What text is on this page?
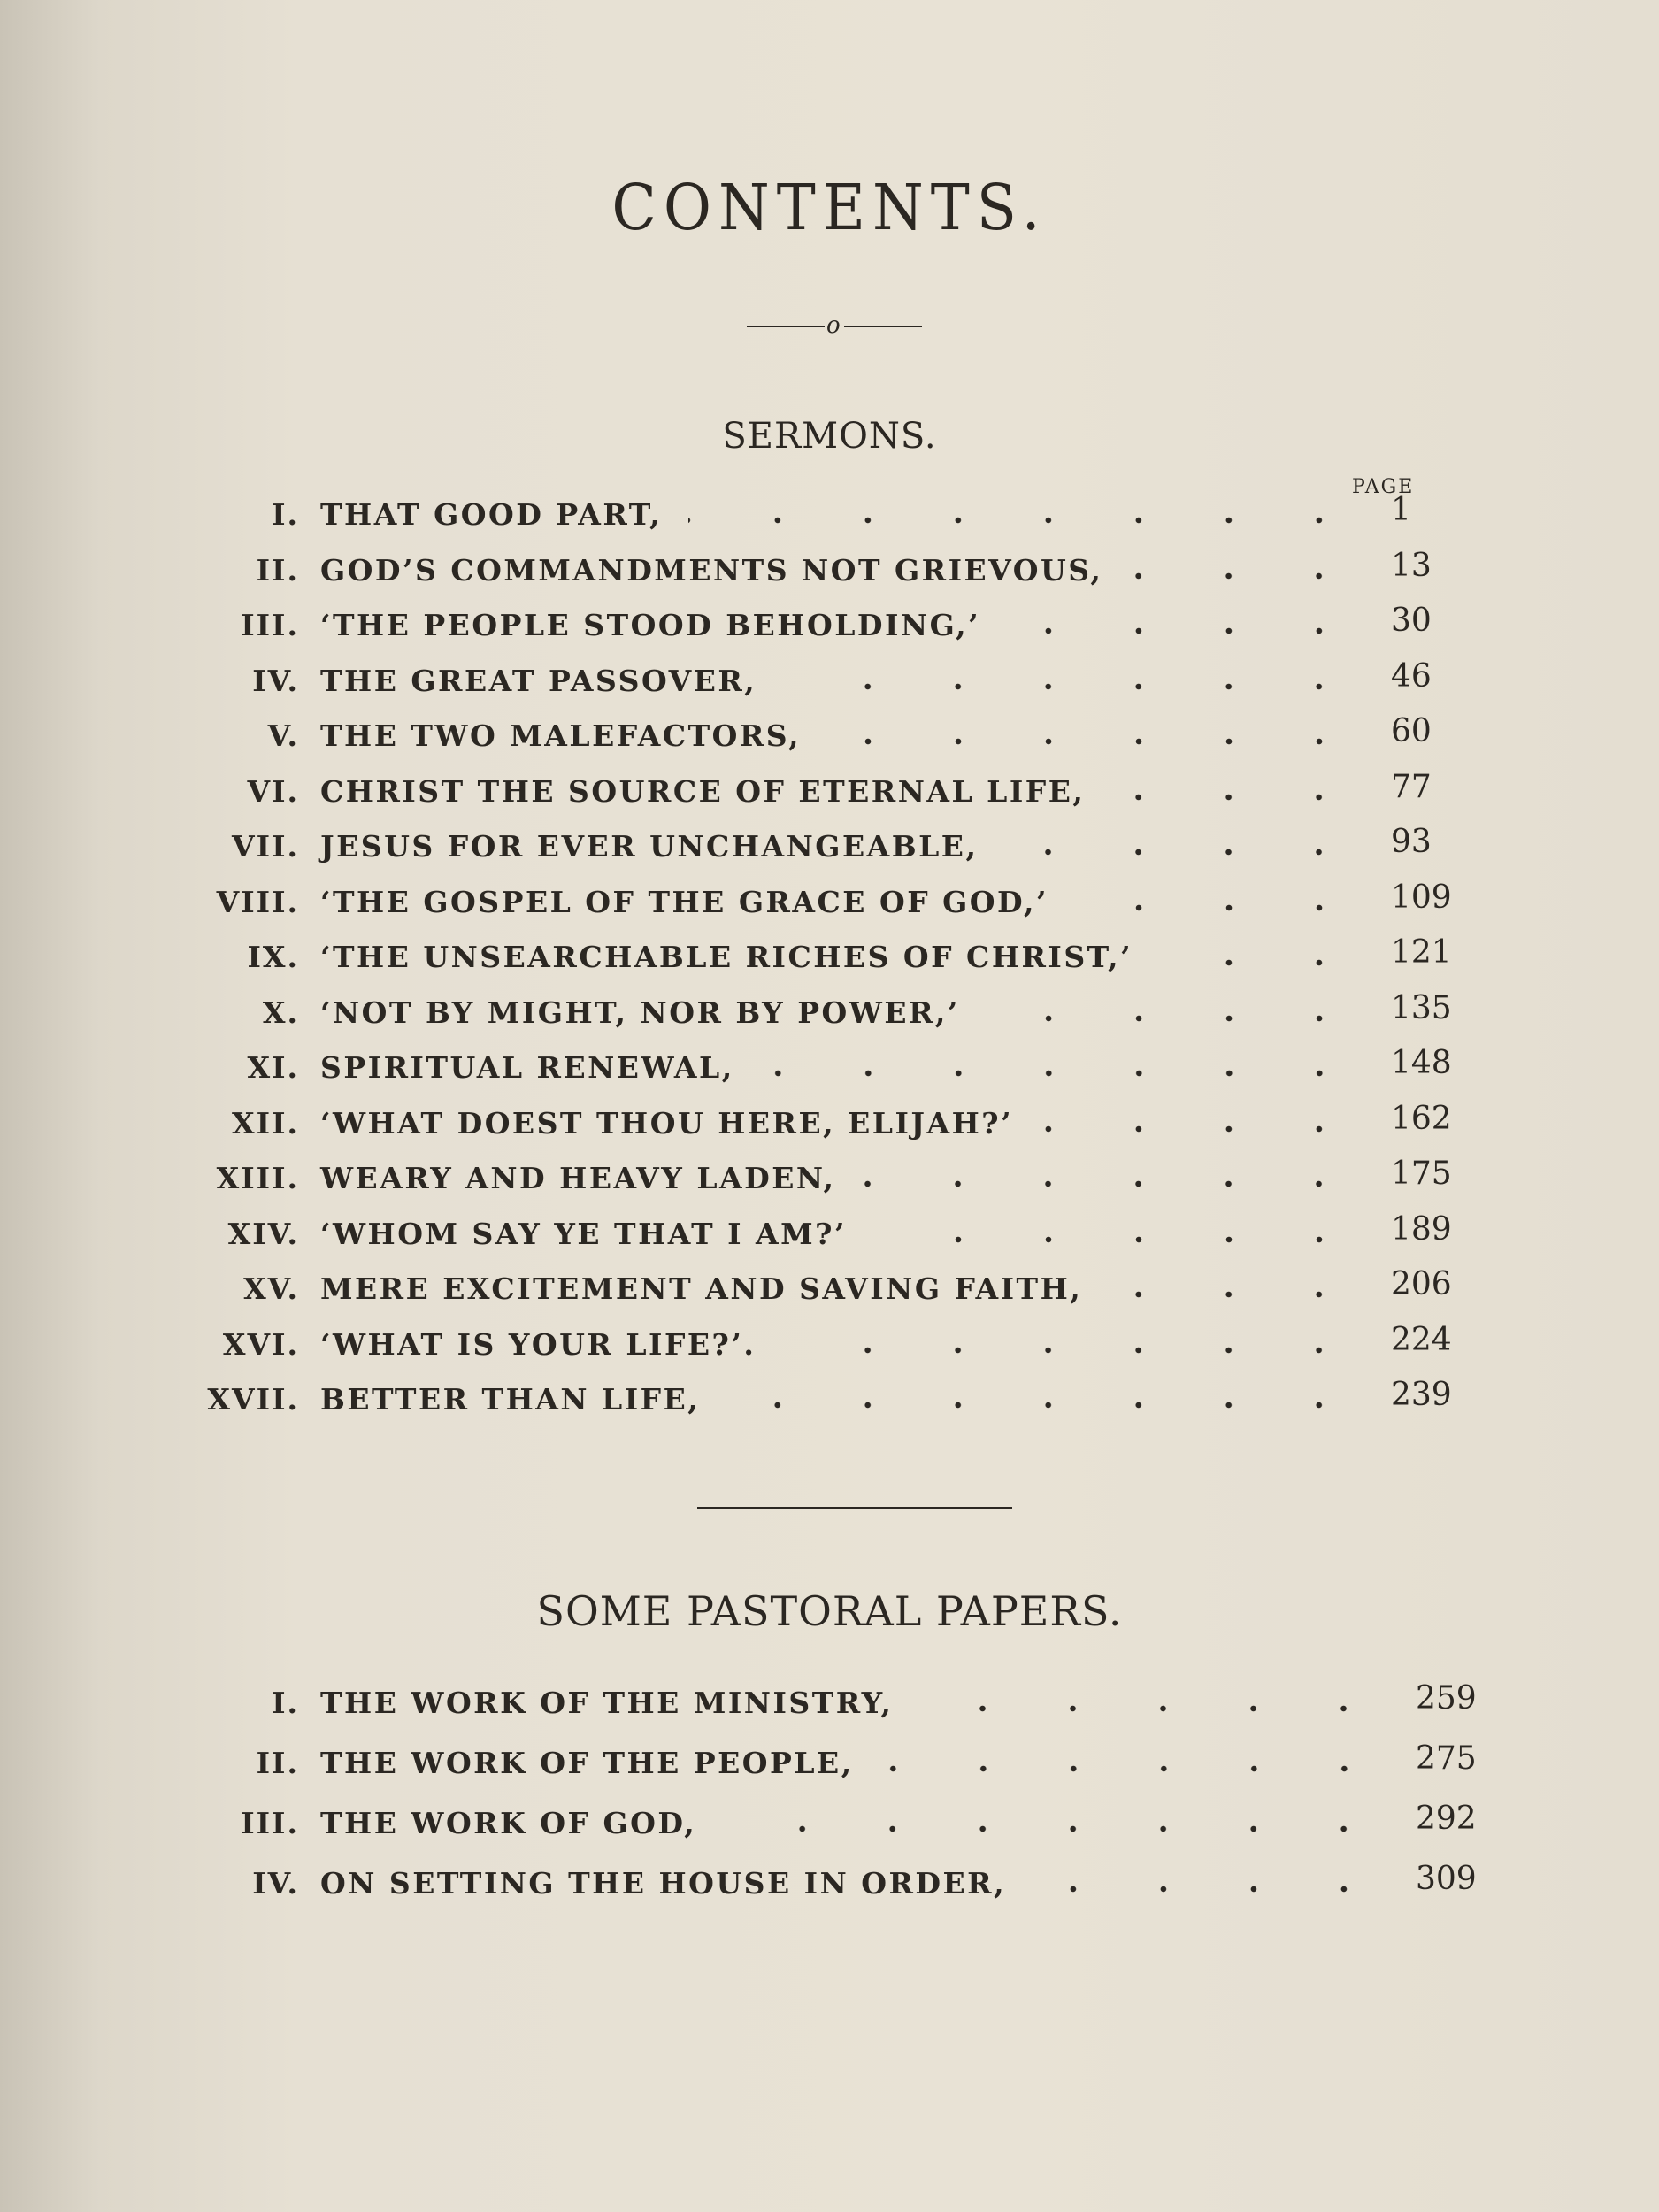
CONTENTS.
o
SERMONS.
PAGE
I. THAT GOOD PART,	1
II. GOD’S COMMANDMENTS NOT GRIEVOUS,	13
III. ‘THE PEOPLE STOOD BEHOLDING,’	30
IV. THE GREAT PASSOVER,	46
V. THE TWO MALEFACTORS,	60
VI. CHRIST THE SOURCE OF ETERNAL LIFE,	77
VII. JESUS FOR EVER UNCHANGEABLE,	93
VIII. ‘THE GOSPEL OF THE GRACE OF GOD,’	109
IX. ‘THE UNSEARCHABLE RICHES OF CHRIST,’	121
X. ‘NOT BY MIGHT, NOR BY POWER,’	135
XI. SPIRITUAL RENEWAL,	148
XII. ‘WHAT DOEST THOU HERE, ELIJAH?’	162
XIII. WEARY AND HEAVY LADEN,	175
XIV. ‘WHOM SAY YE THAT I AM?’	189
XV. MERE EXCITEMENT AND SAVING FAITH,	206
XVI. ‘WHAT IS YOUR LIFE?’.	224
XVII. BETTER THAN LIFE,	239
SOME PASTORAL PAPERS.
I. THE WORK OF THE MINISTRY,	259
II. THE WORK OF THE PEOPLE,	275
III. THE WORK OF GOD,	292
IV. ON SETTING THE HOUSE IN ORDER,	309
